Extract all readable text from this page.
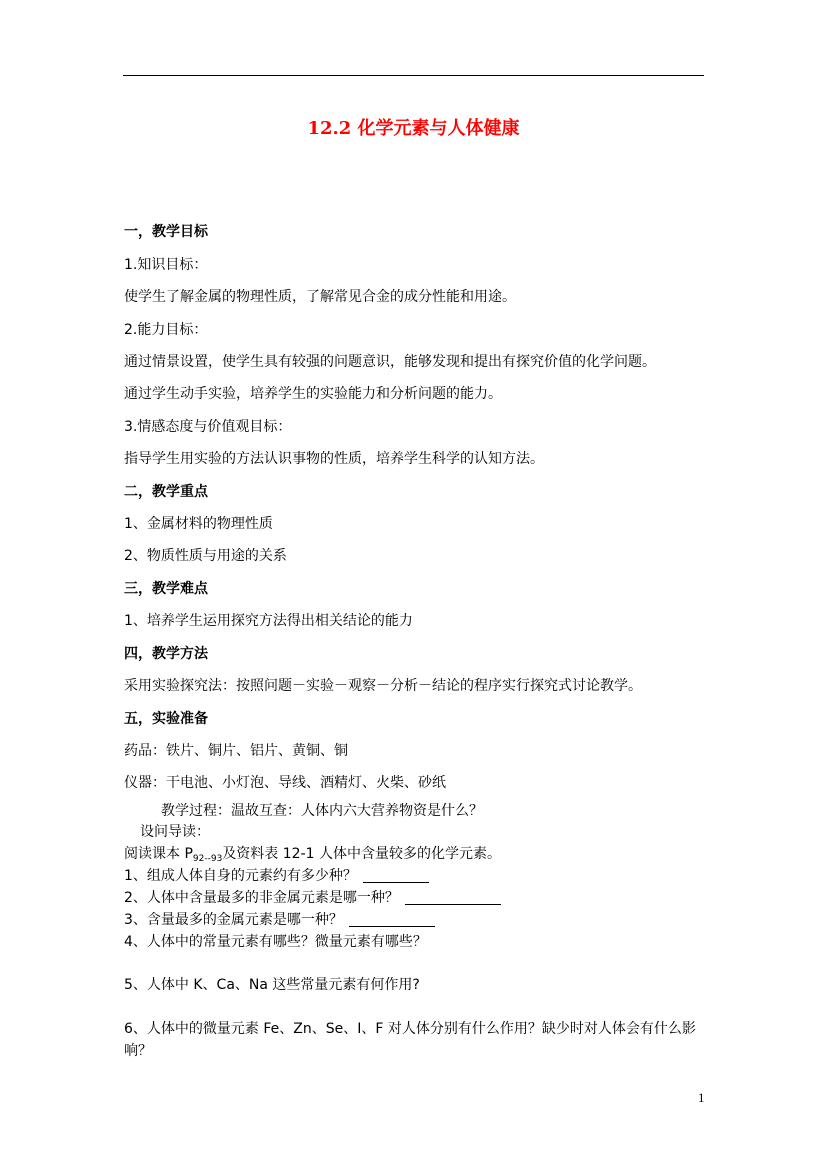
12.2 化学元素与人体健康
一，教学目标
1.知识目标：
使学生了解金属的物理性质，了解常见合金的成分性能和用途。
2.能力目标：
通过情景设置，使学生具有较强的问题意识，能够发现和提出有探究价值的化学问题。
通过学生动手实验，培养学生的实验能力和分析问题的能力。
3.情感态度与价值观目标：
指导学生用实验的方法认识事物的性质，培养学生科学的认知方法。
二，教学重点
1、金属材料的物理性质
2、物质性质与用途的关系
三，教学难点
1、培养学生运用探究方法得出相关结论的能力
四，教学方法
采用实验探究法：按照问题－实验－观察－分析－结论的程序实行探究式讨论教学。
五，实验准备
药品：铁片、铜片、铝片、黄铜、铜
仪器：干电池、小灯泡、导线、酒精灯、火柴、砂纸
教学过程：温故互查：人体内六大营养物资是什么？
设问导读：
阅读课本 $P_{92--93}$及资料表 12-1 人体中含量较多的化学元素。
1、组成人体自身的元素约有多少种？
2、人体中含量最多的非金属元素是哪一种？
3、含量最多的金属元素是哪一种？
4、人体中的常量元素有哪些？微量元素有哪些？
5、人体中 K、Ca、Na 这些常量元素有何作用?
6、人体中的微量元素 Fe、Zn、Se、I、F 对人体分别有什么作用？缺少时对人体会有什么影
响？
1
